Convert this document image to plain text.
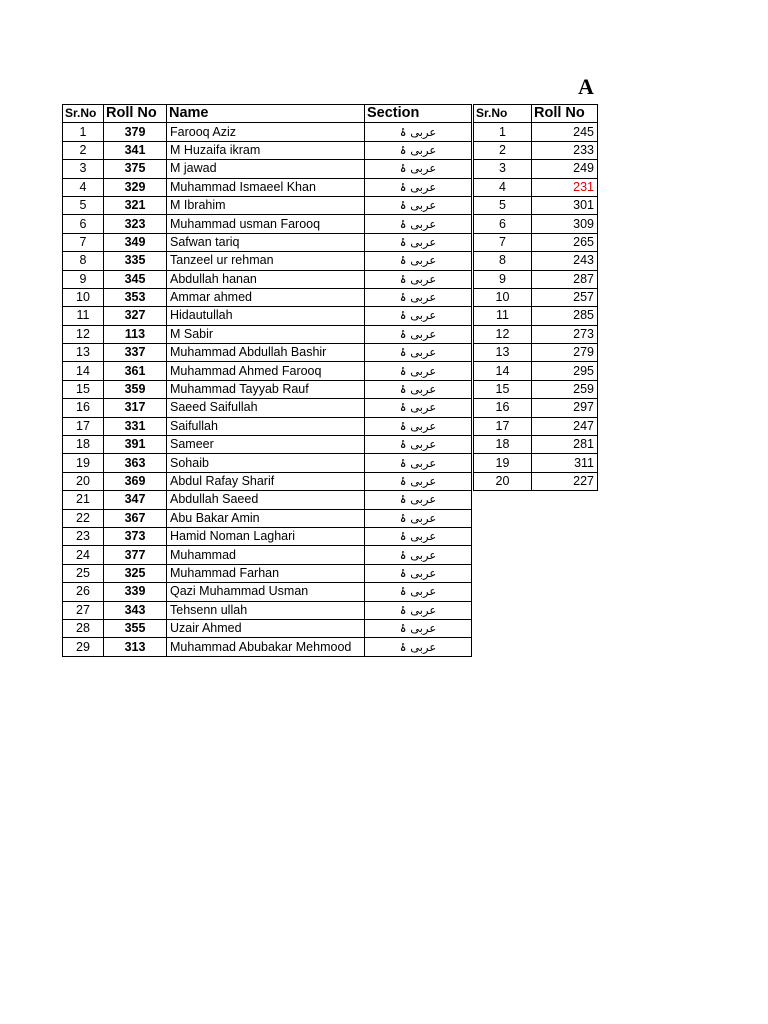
A
Sr.No	Roll No	Name	Section
1	379	Farooq Aziz	عربی ۂ
2	341	M Huzaifa ikram	عربی ۂ
3	375	M jawad	عربی ۂ
4	329	Muhammad Ismaeel Khan	عربی ۂ
5	321	M Ibrahim	عربی ۂ
6	323	Muhammad usman Farooq	عربی ۂ
7	349	Safwan tariq	عربی ۂ
8	335	Tanzeel ur rehman	عربی ۂ
9	345	Abdullah hanan	عربی ۂ
10	353	Ammar ahmed	عربی ۂ
11	327	Hidautullah	عربی ۂ
12	113	M Sabir	عربی ۂ
13	337	Muhammad Abdullah Bashir	عربی ۂ
14	361	Muhammad Ahmed Farooq	عربی ۂ
15	359	Muhammad Tayyab Rauf	عربی ۂ
16	317	Saeed Saifullah	عربی ۂ
17	331	Saifullah	عربی ۂ
18	391	Sameer	عربی ۂ
19	363	Sohaib	عربی ۂ
20	369	Abdul Rafay Sharif	عربی ۂ
21	347	Abdullah Saeed	عربی ۂ
22	367	Abu Bakar Amin	عربی ۂ
23	373	Hamid Noman Laghari	عربی ۂ
24	377	Muhammad	عربی ۂ
25	325	Muhammad Farhan	عربی ۂ
26	339	Qazi Muhammad Usman	عربی ۂ
27	343	Tehsenn ullah	عربی ۂ
28	355	Uzair Ahmed	عربی ۂ
29	313	Muhammad Abubakar Mehmood	عربی ۂ
Sr.No	Roll No
1	245
2	233
3	249
4	231
5	301
6	309
7	265
8	243
9	287
10	257
11	285
12	273
13	279
14	295
15	259
16	297
17	247
18	281
19	311
20	227
